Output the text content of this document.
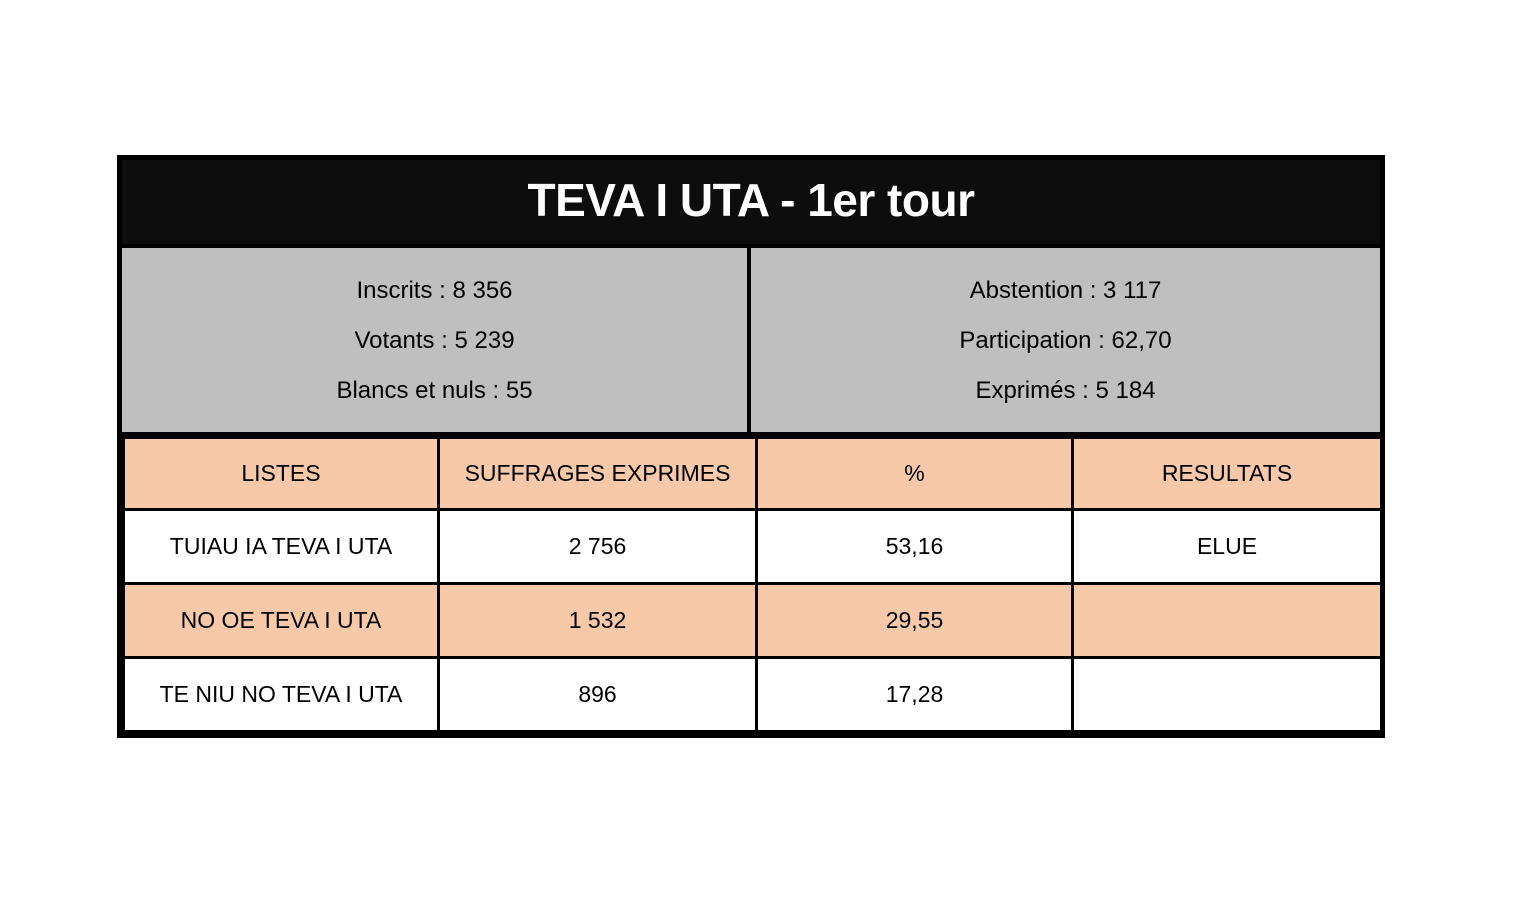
TEVA I UTA - 1er tour
Inscrits : 8 356
Votants : 5 239
Blancs et nuls : 55
Abstention : 3 117
Participation : 62,70
Exprimés : 5 184
LISTES	SUFFRAGES EXPRIMES	%	RESULTATS
TUIAU IA TEVA I UTA	2 756	53,16	ELUE
NO OE TEVA I UTA	1 532	29,55	
TE NIU NO TEVA I UTA	896	17,28	
